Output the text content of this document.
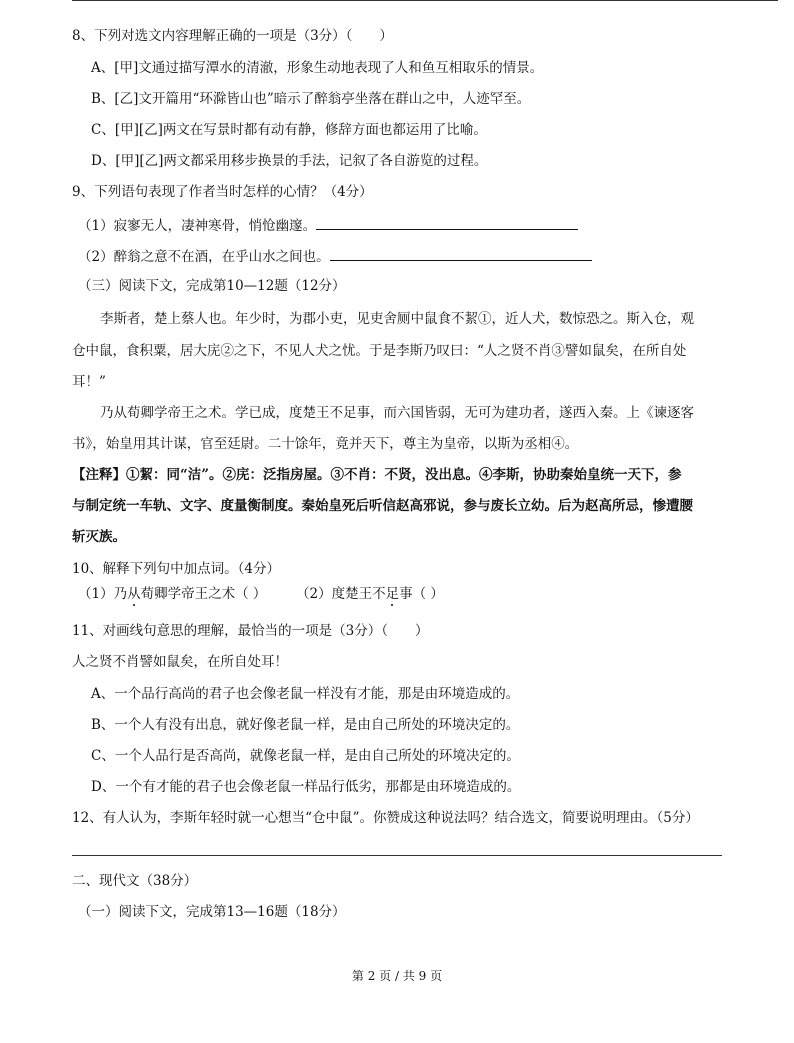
8、下列对选文内容理解正确的一项是（3分）（　　）
A、[甲]文通过描写潭水的清澈，形象生动地表现了人和鱼互相取乐的情景。
B、[乙]文开篇用“环滁皆山也”暗示了醉翁亭坐落在群山之中，人迹罕至。
C、[甲][乙]两文在写景时都有动有静，修辞方面也都运用了比喻。
D、[甲][乙]两文都采用移步换景的手法，记叙了各自游览的过程。
9、下列语句表现了作者当时怎样的心情？（4分）
（1）寂寥无人，凄神寒骨，悄怆幽邃。
（2）醉翁之意不在酒，在乎山水之间也。
（三）阅读下文，完成第10—12题（12分）
李斯者，楚上蔡人也。年少时，为郡小吏，见吏舍厕中鼠食不絜①，近人犬，数惊恐之。斯入仓，观
仓中鼠，食积粟，居大庑②之下，不见人犬之忧。于是李斯乃叹曰：“人之贤不肖③譬如鼠矣，在所自处
耳！”
乃从荀卿学帝王之术。学已成，度楚王不足事，而六国皆弱，无可为建功者，遂西入秦。上《谏逐客
书》，始皇用其计谋，官至廷尉。二十馀年，竟并天下，尊主为皇帝，以斯为丞相④。
【注释】①絜：同“洁”。②庑：泛指房屋。③不肖：不贤，没出息。④李斯，协助秦始皇统一天下，参
与制定统一车轨、文字、度量衡制度。秦始皇死后听信赵高邪说，参与废长立幼。后为赵高所忌，惨遭腰
斩灭族。
10、解释下列句中加点词。（4分）
（1）乃从荀卿学帝王之术（ ） （2）度楚王不足事（ ）
11、对画线句意思的理解，最恰当的一项是（3分）（　　）
人之贤不肖譬如鼠矣，在所自处耳！
A、一个品行高尚的君子也会像老鼠一样没有才能，那是由环境造成的。
B、一个人有没有出息，就好像老鼠一样，是由自己所处的环境决定的。
C、一个人品行是否高尚，就像老鼠一样，是由自己所处的环境决定的。
D、一个有才能的君子也会像老鼠一样品行低劣，那都是由环境造成的。
12、有人认为，李斯年轻时就一心想当“仓中鼠”。你赞成这种说法吗？结合选文，简要说明理由。（5分）
二、现代文（38分）
（一）阅读下文，完成第13—16题（18分）
第 2 页 / 共 9 页
